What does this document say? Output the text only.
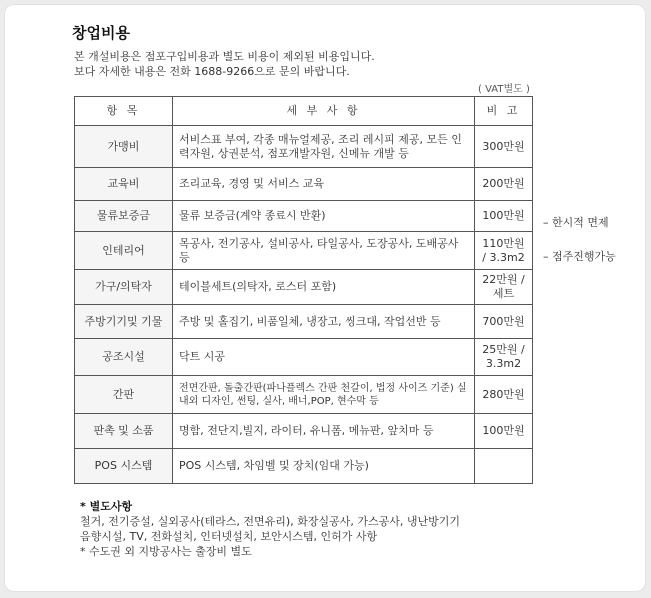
창업비용
본 개설비용은 점포구입비용과 별도 비용이 제외된 비용입니다.
보다 자세한 내용은 전화 1688-9266으로 문의 바랍니다.
( VAT별도 )
항 목	세 부 사 항	비 고
가맹비	서비스표 부여, 각종 매뉴얼제공, 조리 레시피 제공, 모든 인력자원, 상권분석, 점포개발자원, 신메뉴 개발 등	300만원
교육비	조리교육, 경영 및 서비스 교육	200만원
물류보증금	물류 보증금(계약 종료시 반환)	100만원
인테리어	목공사, 전기공사, 설비공사, 타일공사, 도장공사, 도배공사 등	110만원 / 3.3m2
가구/의탁자	테이블세트(의탁자, 로스터 포함)	22만원 / 세트
주방기기및 기물	주방 및 홀집기, 비품일체, 냉장고, 씽크대, 작업선반 등	700만원
공조시설	닥트 시공	25만원 / 3.3m2
간판	전면간판, 돌출간판(파나플렉스 간판 천갈이, 법정 사이즈 기준) 실내외 디자인, 썬팅, 실사, 배너,POP, 현수막 등	280만원
판촉 및 소품	명함, 전단지,빌지, 라이터, 유니폼, 메뉴판, 앞치마 등	100만원
POS 시스템	POS 시스템, 차임벨 및 장치(임대 가능)	
– 한시적 면제
– 점주진행가능
* 별도사항
철거, 전기증설, 실외공사(테라스, 전면유리), 화장실공사, 가스공사, 냉난방기기
음향시설, TV, 전화설치, 인터넷설치, 보안시스템, 인허가 사항
* 수도권 외 지방공사는 출장비 별도
